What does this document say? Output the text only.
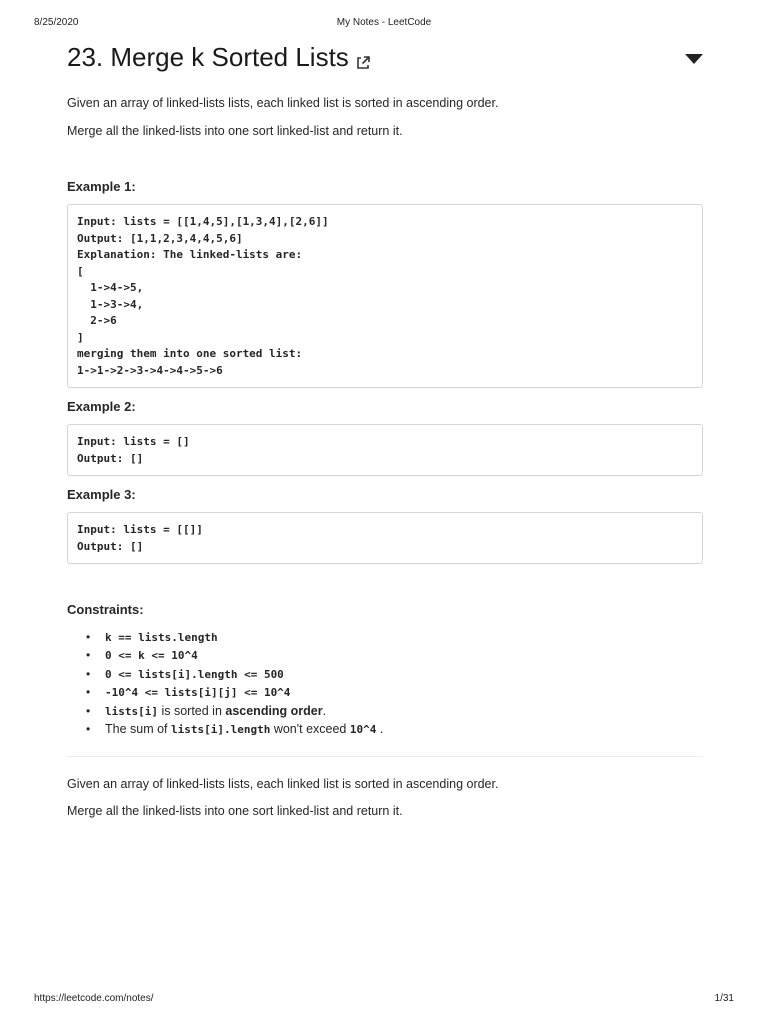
8/25/2020	My Notes - LeetCode
23. Merge k Sorted Lists

Given an array of linked-lists lists, each linked list is sorted in ascending order.

Merge all the linked-lists into one sort linked-list and return it.

Example 1:

Input: lists = [[1,4,5],[1,3,4],[2,6]]
Output: [1,1,2,3,4,4,5,6]
Explanation: The linked-lists are:
[
1->4->5,
1->3->4,
2->6
]
merging them into one sorted list:
1->1->2->3->4->4->5->6

Example 2:

Input: lists = []
Output: []

Example 3:

Input: lists = [[]]
Output: []

Constraints:

• k == lists.length
• 0 <= k <= 10^4
• 0 <= lists[i].length <= 500
• -10^4 <= lists[i][j] <= 10^4
• lists[i] is sorted in ascending order.
• The sum of lists[i].length won't exceed 10^4 .

Given an array of linked-lists lists, each linked list is sorted in ascending order.

Merge all the linked-lists into one sort linked-list and return it.

https://leetcode.com/notes/	1/31
